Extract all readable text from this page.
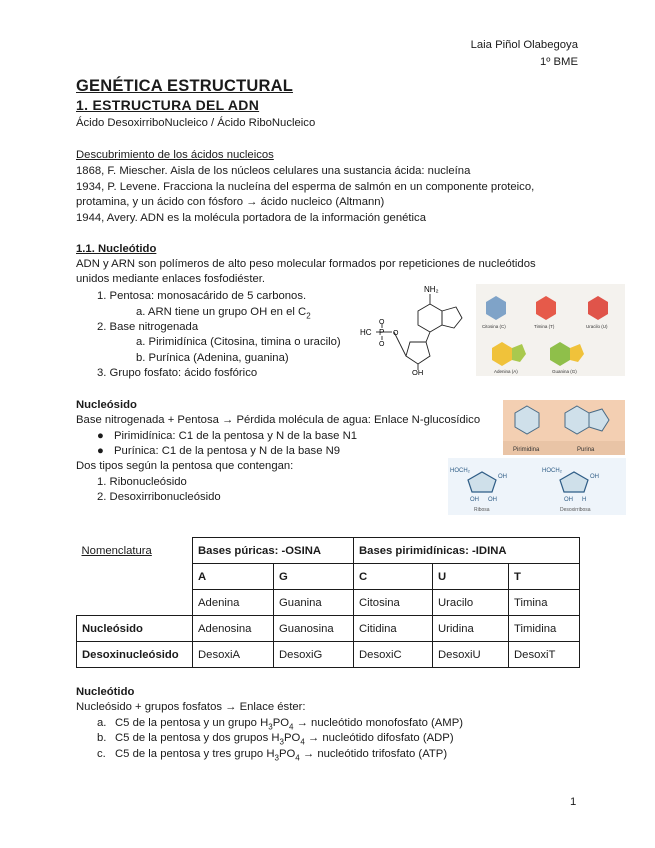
Laia Piñol Olabegoya
1º BME
GENÉTICA ESTRUCTURAL
1. ESTRUCTURA DEL ADN
Ácido DesoxirriboNucleico / Ácido RiboNucleico
Descubrimiento de los ácidos nucleicos
1868, F. Miescher. Aisla de los núcleos celulares una sustancia ácida: nucleína
1934, P. Levene. Fracciona la nucleína del esperma de salmón en un componente proteico,
protamina, y un ácido con fósforo → ácido nucleico (Altmann)
1944, Avery. ADN es la molécula portadora de la información genética
1.1. Nucleótido
ADN y ARN son polímeros de alto peso molecular formados por repeticiones de nucleótidos
unidos mediante enlaces fosfodiéster.
1. Pentosa: monosacárido de 5 carbonos.
a. ARN tiene un grupo OH en el $C_2$
2. Base nitrogenada
a. Pirimidínica (Citosina, timina o uracilo)
b. Purínica (Adenina, guanina)
3. Grupo fosfato: ácido fosfórico
NH₂
HC P
O
O
O
OH
Citosina (C)	Timina (T)	Uracilo (U)
Adenina (A)	Guanina (G)
Nucleósido
Base nitrogenada + Pentosa → Pérdida molécula de agua: Enlace N-glucosídico
● Pirimidínica: C1 de la pentosa y N de la base N1
● Purínica: C1 de la pentosa y N de la base N9
Dos tipos según la pentosa que contengan:
1. Ribonucleósido
2. Desoxirribonucleósido
Pirimidina	Purina
HOCH₂	HOCH₂
OH	OH
OH OH	OH H
Ribosa	Desoxirribosa
Nomenclatura	Bases púricas: -OSINA		Bases pirimidínicas: -IDINA		
	A	G	C	U	T
	Adenina	Guanina	Citosina	Uracilo	Timina
Nucleósido	Adenosina	Guanosina	Citidina	Uridina	Timidina
Desoxinucleósido	DesoxiA	DesoxiG	DesoxiC	DesoxiU	DesoxiT
Nucleótido
Nucleósido + grupos fosfatos → Enlace éster:
a. C5 de la pentosa y un grupo $H_3PO_4$ → nucleótido monofosfato (AMP)
b. C5 de la pentosa y dos grupos $H_3PO_4$ → nucleótido difosfato (ADP)
c. C5 de la pentosa y tres grupo $H_3PO_4$ → nucleótido trifosfato (ATP)
1
